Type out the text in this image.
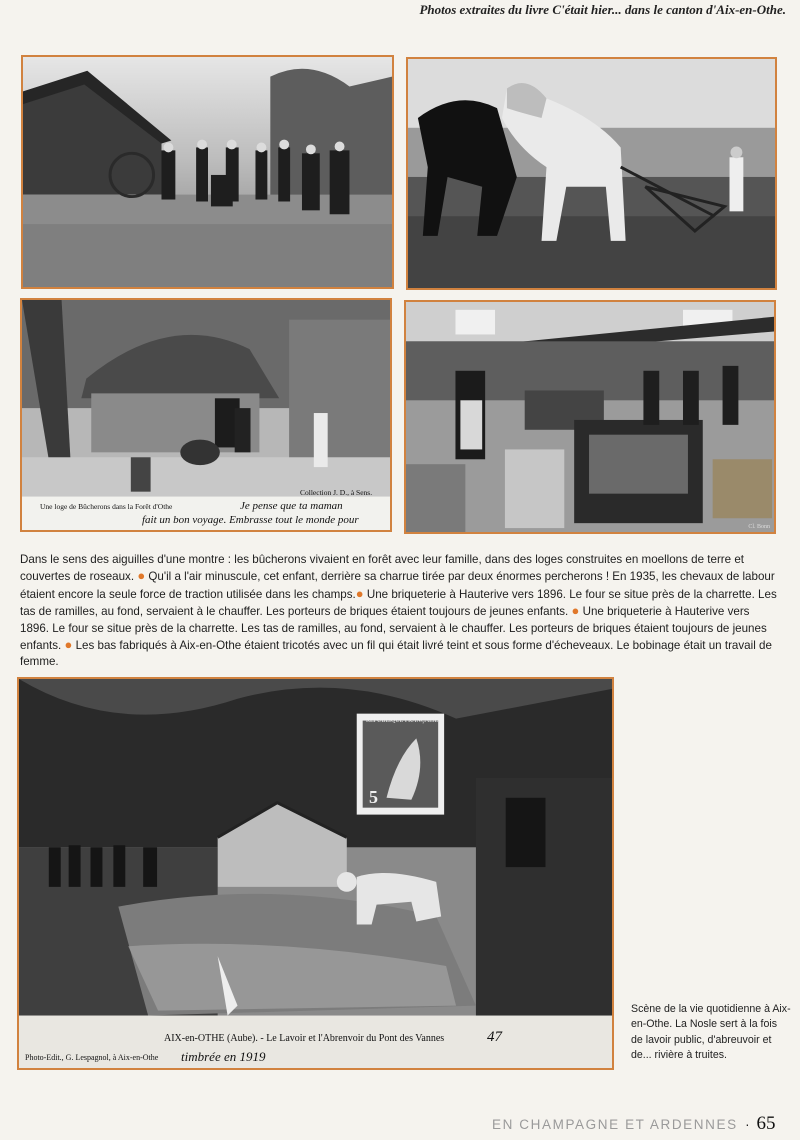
Photos extraites du livre C'était hier... dans le canton d'Aix-en-Othe.
Une loge de Bûcherons dans la Forêt d'Othe
Collection J. D., à Sens.
Je pense que ta maman
fait un bon voyage. Embrasse tout le monde pour
Cl. Bonn
Dans le sens des aiguilles d'une montre : les bûcherons vivaient en forêt avec leur famille, dans des loges construites en moellons de terre et couvertes de roseaux. ● Qu'il a l'air minuscule, cet enfant, derrière sa charrue tirée par deux énormes percherons ! En 1935, les chevaux de labour étaient encore la seule force de traction utilisée dans les champs.● Une briqueterie à Hauterive vers 1896. Le four se situe près de la charrette. Les tas de ramilles, au fond, servaient à le chauffer. Les porteurs de briques étaient toujours de jeunes enfants. ● Une briqueterie à Hauterive vers 1896. Le four se situe près de la charrette. Les tas de ramilles, au fond, servaient à le chauffer. Les porteurs de briques étaient toujours de jeunes enfants. ● Les bas fabriqués à Aix-en-Othe étaient tricotés avec un fil qui était livré teint et sous forme d'écheveaux. Le bobinage était un travail de femme.
REPUBLIQUE FRANÇAISE
5
AIX-en-OTHE (Aube). - Le Lavoir et l'Abrenvoir du Pont des Vannes	47
Photo-Edit., G. Lespagnol, à Aix-en-Othe timbrée en 1919
Scène de la vie quotidienne à Aix-en-Othe. La Nosle sert à la fois de lavoir public, d'abreuvoir et de... rivière à truites.
EN CHAMPAGNE ET ARDENNES · 65
